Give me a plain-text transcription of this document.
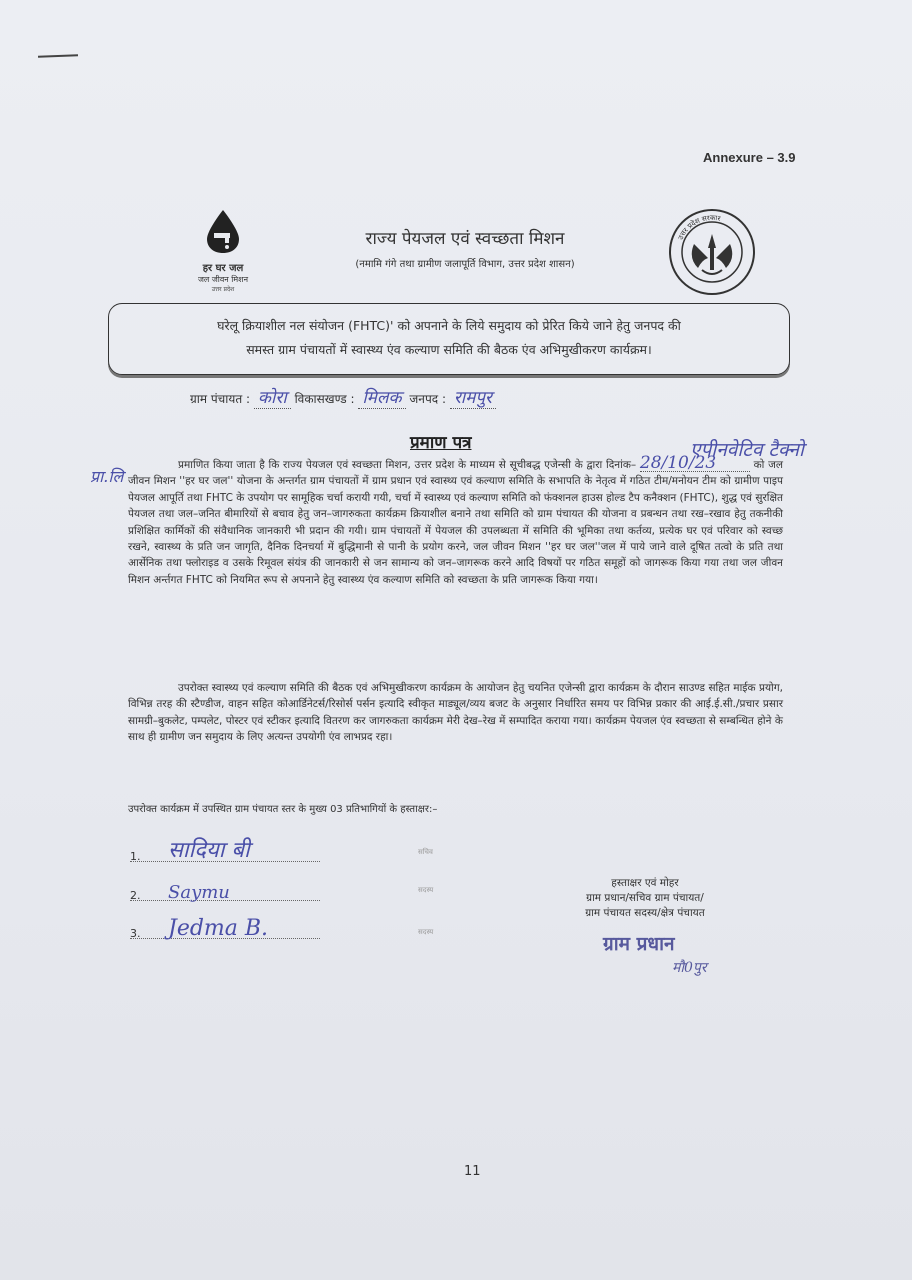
Annexure – 3.9
हर घर जल
जल जीवन मिशन
उत्तर प्रदेश
उत्तर प्रदेश सरकार
राज्य पेयजल एवं स्वच्छता मिशन
(नमामि गंगे तथा ग्रामीण जलापूर्ति विभाग, उत्तर प्रदेश शासन)
घरेलू क्रियाशील नल संयोजन (FHTC)' को अपनाने के लिये समुदाय को प्रेरित किये जाने हेतु जनपद की
समस्त ग्राम पंचायतों में स्वास्थ्य एंव कल्याण समिति की बैठक एंव अभिमुखीकरण कार्यक्रम।
ग्राम पंचायत : कोरा विकासखण्ड : मिलक जनपद : रामपुर
प्रमाण पत्र	एपीनवेटिव टैक्नो
प्रा.लि
प्रमाणित किया जाता है कि राज्य पेयजल एवं स्वच्छता मिशन, उत्तर प्रदेश के माध्यम से सूचीबद्ध एजेन्सी के द्वारा दिनांक– 28/10/23	को जल जीवन मिशन ''हर घर जल'' योजना के अन्तर्गत ग्राम पंचायतों में ग्राम प्रधान एवं स्वास्थ्य एवं कल्याण समिति के सभापति के नेतृत्व में गठित टीम/मनोयन टीम को ग्रामीण पाइप पेयजल आपूर्ति तथा FHTC के उपयोग पर सामूहिक चर्चा करायी गयी, चर्चा में स्वास्थ्य एवं कल्याण समिति को फंक्शनल हाउस होल्ड टैप कनैक्शन (FHTC), शुद्ध एवं सुरक्षित पेयजल तथा जल–जनित बीमारियों से बचाव हेतु जन–जागरुकता कार्यक्रम क्रियाशील बनाने तथा समिति को ग्राम पंचायत की योजना व प्रबन्धन तथा रख–रखाव हेतु तकनीकी प्रशिक्षित कार्मिकों की संवैधानिक जानकारी भी प्रदान की गयी। ग्राम पंचायतों में पेयजल की उपलब्धता में समिति की भूमिका तथा कर्तव्य, प्रत्येक घर एवं परिवार को स्वच्छ रखने, स्वास्थ्य के प्रति जन जागृति, दैनिक दिनचर्या में बुद्धिमानी से पानी के प्रयोग करने, जल जीवन मिशन ''हर घर जल''जल में पाये जाने वाले दूषित तत्वो के प्रति तथा आर्सेनिक तथा फ्लोराइड व उसके रिमूवल संयंत्र की जानकारी से जन सामान्य को जन–जागरूक करने आदि विषयों पर गठित समूहों को जागरूक किया गया तथा जल जीवन मिशन अर्न्तगत FHTC को नियमित रूप से अपनाने हेतु स्वास्थ्य एंव कल्याण समिति को स्वच्छता के प्रति जागरूक किया गया।
उपरोक्त स्वास्थ्य एवं कल्याण समिति की बैठक एवं अभिमुखीकरण कार्यक्रम के आयोजन हेतु चयनित एजेन्सी द्वारा कार्यक्रम के दौरान साउण्ड सहित माईक प्रयोग, विभिन्न तरह की स्टैण्डीज, वाहन सहित कोआर्डिनेटर्स/रिसोर्स पर्सन इत्यादि स्वीकृत माड्यूल/व्यय बजट के अनुसार निर्धारित समय पर विभिन्न प्रकार की आई.ई.सी./प्रचार प्रसार सामग्री–बुकलेट, पम्पलेट, पोस्टर एवं स्टीकर इत्यादि वितरण कर जागरुकता कार्यक्रम मेरी देख–रेख में सम्पादित कराया गया। कार्यक्रम पेयजल एंव स्वच्छता से सम्बन्धित होने के साथ ही ग्रामीण जन समुदाय के लिए अत्यन्त उपयोगी एंव लाभप्रद रहा।
उपरोक्त कार्यक्रम में उपस्थित ग्राम पंचायत स्तर के मुख्य 03 प्रतिभागियों के हस्ताक्षर:–
1. सादिया बी
2. Saymu
3. Jedma B.
सचिव
सदस्य
सदस्य
हस्ताक्षर एवं मोहर
ग्राम प्रधान/सचिव ग्राम पंचायत/
ग्राम पंचायत सदस्य/क्षेत्र पंचायत
ग्राम प्रधान
मौ0पुर
11
